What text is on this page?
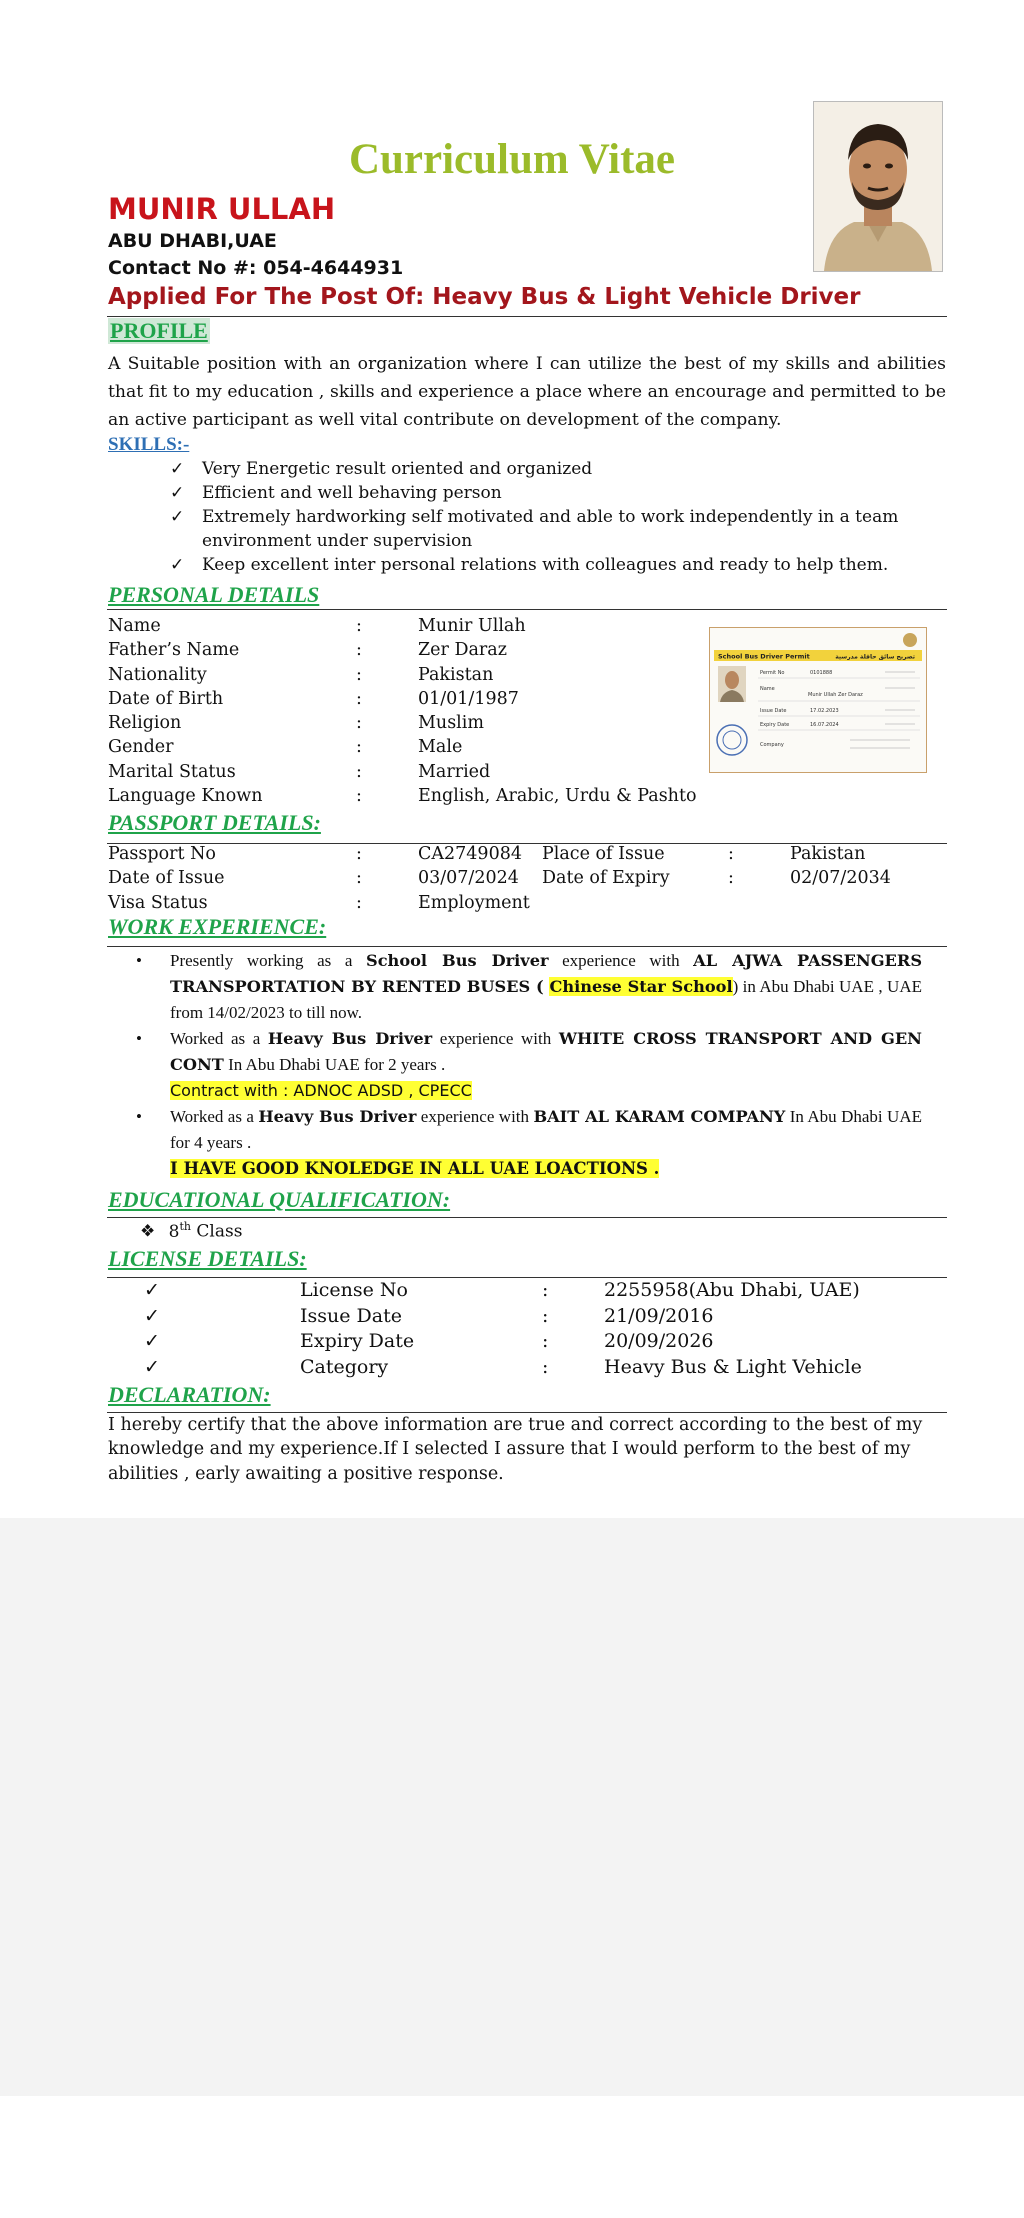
Curriculum Vitae
MUNIR ULLAH
ABU DHABI,UAE
Contact No #: 054-4644931
Applied For The Post Of: Heavy Bus & Light Vehicle Driver
PROFILE
A Suitable position with an organization where I can utilize the best of my skills and abilities that fit to my education , skills and experience a place where an encourage and permitted to be an active participant as well vital contribute on development of the company.
SKILLS:-
✓ Very Energetic result oriented and organized
✓ Efficient and well behaving person
✓ Extremely hardworking self motivated and able to work independently in a team environment under supervision
✓ Keep excellent inter personal relations with colleagues and ready to help them.
PERSONAL DETAILS
Name	:	Munir Ullah
Father’s Name	:	Zer Daraz
Nationality	:	Pakistan
Date of Birth	:	01/01/1987
Religion	:	Muslim
Gender	:	Male
Marital Status	:	Married
Language Known	:	English, Arabic, Urdu & Pashto
School Bus Driver Permit	تصريح سائق حافلة مدرسية
Permit No	0101888
Name
Munir Ullah Zer Daraz
Issue Date	17.02.2023
Expiry Date	16.07.2024
Company
PASSPORT DETAILS:
Passport No	:	CA2749084 Place of Issue	:	Pakistan
Date of Issue	:	03/07/2024 Date of Expiry	:	02/07/2034
Visa Status	:	Employment
WORK EXPERIENCE:
• Presently working as a School Bus Driver experience with AL AJWA PASSENGERS TRANSPORTATION BY RENTED BUSES ( Chinese Star School) in Abu Dhabi UAE , UAE from 14/02/2023 to till now.
• Worked as a Heavy Bus Driver experience with WHITE CROSS TRANSPORT AND GEN CONT In Abu Dhabi UAE for 2 years .
Contract with : ADNOC ADSD , CPECC
• Worked as a Heavy Bus Driver experience with BAIT AL KARAM COMPANY In Abu Dhabi UAE for 4 years .
I HAVE GOOD KNOLEDGE IN ALL UAE LOACTIONS .
EDUCATIONAL QUALIFICATION:
❖ 8th Class
LICENSE DETAILS:
✓	License No	:	2255958(Abu Dhabi, UAE)
✓	Issue Date	:	21/09/2016
✓	Expiry Date	:	20/09/2026
✓	Category	:	Heavy Bus & Light Vehicle
DECLARATION:
I hereby certify that the above information are true and correct according to the best of my knowledge and my experience.If I selected I assure that I would perform to the best of my abilities , early awaiting a positive response.
